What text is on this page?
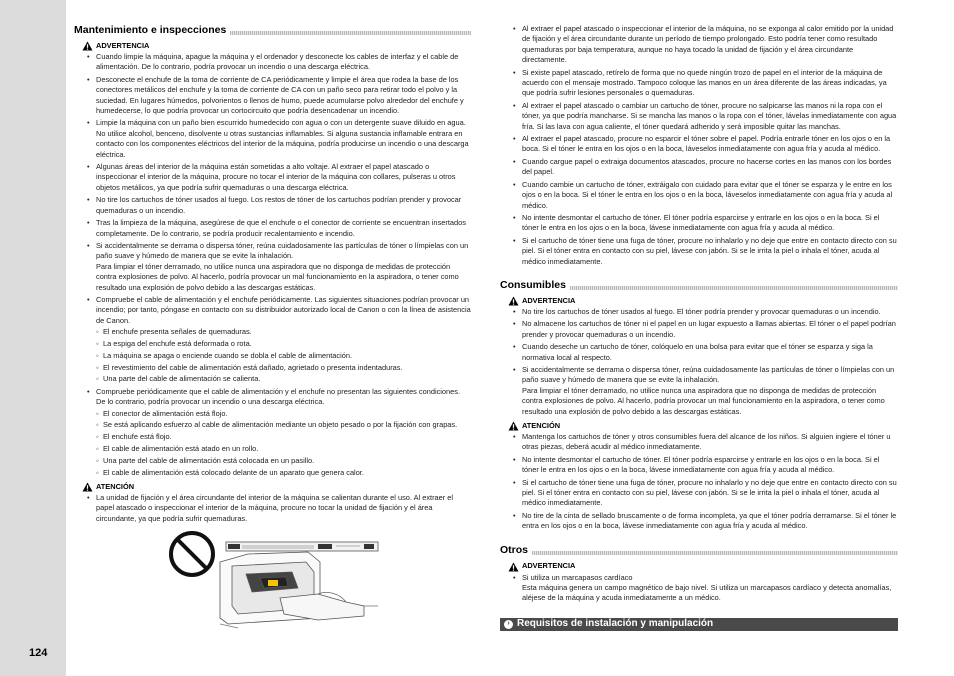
124
Mantenimiento e inspecciones
ADVERTENCIA
• Cuando limpie la máquina, apague la máquina y el ordenador y desconecte los cables de interfaz y el cable de alimentación. De lo contrario, podría provocar un incendio o una descarga eléctrica.
• Desconecte el enchufe de la toma de corriente de CA periódicamente y limpie el área que rodea la base de los conectores metálicos del enchufe y la toma de corriente de CA con un paño seco para retirar todo el polvo y la suciedad. En lugares húmedos, polvorientos o llenos de humo, puede acumularse polvo alrededor del enchufe y humedecerse, lo que podría provocar un cortocircuito que podría desencadenar un incendio.
• Limpie la máquina con un paño bien escurrido humedecido con agua o con un detergente suave diluido en agua. No utilice alcohol, benceno, disolvente u otras sustancias inflamables. Si alguna sustancia inflamable entrara en contacto con los componentes eléctricos del interior de la máquina, podría producirse un incendio o una descarga eléctrica.
• Algunas áreas del interior de la máquina están sometidas a alto voltaje. Al extraer el papel atascado o inspeccionar el interior de la máquina, procure no tocar el interior de la máquina con collares, pulseras u otros objetos metálicos, ya que podría sufrir quemaduras o una descarga eléctrica.
• No tire los cartuchos de tóner usados al fuego. Los restos de tóner de los cartuchos podrían prender y provocar quemaduras o un incendio.
• Tras la limpieza de la máquina, asegúrese de que el enchufe o el conector de corriente se encuentran insertados completamente. De lo contrario, se podría producir recalentamiento e incendio.
• Si accidentalmente se derrama o dispersa tóner, reúna cuidadosamente las partículas de tóner o límpielas con un paño suave y húmedo de manera que se evite la inhalación.
Para limpiar el tóner derramado, no utilice nunca una aspiradora que no disponga de medidas de protección contra explosiones de polvo. Al hacerlo, podría provocar un mal funcionamiento en la aspiradora, o tener como resultado una explosión de polvo debido a las descargas estáticas.
• Compruebe el cable de alimentación y el enchufe periódicamente. Las siguientes situaciones podrían provocar un incendio; por tanto, póngase en contacto con su distribuidor autorizado local de Canon o con la línea de asistencia de Canon.
◦ El enchufe presenta señales de quemaduras.
◦ La espiga del enchufe está deformada o rota.
◦ La máquina se apaga o enciende cuando se dobla el cable de alimentación.
◦ El revestimiento del cable de alimentación está dañado, agrietado o presenta indentaduras.
◦ Una parte del cable de alimentación se calienta.
• Compruebe periódicamente que el cable de alimentación y el enchufe no presentan las siguientes condiciones. De lo contrario, podría provocar un incendio o una descarga eléctrica.
◦ El conector de alimentación está flojo.
◦ Se está aplicando esfuerzo al cable de alimentación mediante un objeto pesado o por la fijación con grapas.
◦ El enchufe está flojo.
◦ El cable de alimentación está atado en un rollo.
◦ Una parte del cable de alimentación está colocada en un pasillo.
◦ El cable de alimentación está colocado delante de un aparato que genera calor.
ATENCIÓN
• La unidad de fijación y el área circundante del interior de la máquina se calientan durante el uso. Al extraer el papel atascado o inspeccionar el interior de la máquina, procure no tocar la unidad de fijación y el área circundante, ya que podría sufrir quemaduras.
• Al extraer el papel atascado o inspeccionar el interior de la máquina, no se exponga al calor emitido por la unidad de fijación y el área circundante durante un período de tiempo prolongado. Esto podría tener como resultado quemaduras por baja temperatura, aunque no haya tocado la unidad de fijación y el área circundante directamente.
• Si existe papel atascado, retírelo de forma que no quede ningún trozo de papel en el interior de la máquina de acuerdo con el mensaje mostrado. Tampoco coloque las manos en un área diferente de las áreas indicadas, ya que podría sufrir lesiones personales o quemaduras.
• Al extraer el papel atascado o cambiar un cartucho de tóner, procure no salpicarse las manos ni la ropa con el tóner, ya que podría mancharse. Si se mancha las manos o la ropa con el tóner, lávelas inmediatamente con agua fría. Si las lava con agua caliente, el tóner quedará adherido y será imposible quitar las manchas.
• Al extraer el papel atascado, procure no esparcir el tóner sobre el papel. Podría entrarle tóner en los ojos o en la boca. Si el tóner le entra en los ojos o en la boca, láveselos inmediatamente con agua fría y acuda al médico.
• Cuando cargue papel o extraiga documentos atascados, procure no hacerse cortes en las manos con los bordes del papel.
• Cuando cambie un cartucho de tóner, extráigalo con cuidado para evitar que el tóner se esparza y le entre en los ojos o en la boca. Si el tóner le entra en los ojos o en la boca, láveselos inmediatamente con agua fría y acuda al médico.
• No intente desmontar el cartucho de tóner. El tóner podría esparcirse y entrarle en los ojos o en la boca. Si el tóner le entra en los ojos o en la boca, lávese inmediatamente con agua fría y acuda al médico.
• Si el cartucho de tóner tiene una fuga de tóner, procure no inhalarlo y no deje que entre en contacto directo con su piel. Si el tóner entra en contacto con su piel, lávese con jabón. Si se le irrita la piel o inhala el tóner, acuda al médico inmediatamente.
Consumibles
ADVERTENCIA
• No tire los cartuchos de tóner usados al fuego. El tóner podría prender y provocar quemaduras o un incendio.
• No almacene los cartuchos de tóner ni el papel en un lugar expuesto a llamas abiertas. El tóner o el papel podrían prender y provocar quemaduras o un incendio.
• Cuando deseche un cartucho de tóner, colóquelo en una bolsa para evitar que el tóner se esparza y siga la normativa local al respecto.
• Si accidentalmente se derrama o dispersa tóner, reúna cuidadosamente las partículas de tóner o límpielas con un paño suave y húmedo de manera que se evite la inhalación.
Para limpiar el tóner derramado, no utilice nunca una aspiradora que no disponga de medidas de protección contra explosiones de polvo. Al hacerlo, podría provocar un mal funcionamiento en la aspiradora, o tener como resultado una explosión de polvo debido a las descargas estáticas.
ATENCIÓN
• Mantenga los cartuchos de tóner y otros consumibles fuera del alcance de los niños. Si alguien ingiere el tóner u otras piezas, deberá acudir al médico inmediatamente.
• No intente desmontar el cartucho de tóner. El tóner podría esparcirse y entrarle en los ojos o en la boca. Si el tóner le entra en los ojos o en la boca, lávese inmediatamente con agua fría y acuda al médico.
• Si el cartucho de tóner tiene una fuga de tóner, procure no inhalarlo y no deje que entre en contacto directo con su piel. Si el tóner entra en contacto con su piel, lávese con jabón. Si se le irrita la piel o inhala el tóner, acuda al médico inmediatamente.
• No tire de la cinta de sellado bruscamente o de forma incompleta, ya que el tóner podría derramarse. Si el tóner le entra en los ojos o en la boca, lávese inmediatamente con agua fría y acuda al médico.
Otros
ADVERTENCIA
• Si utiliza un marcapasos cardíaco
Esta máquina genera un campo magnético de bajo nivel. Si utiliza un marcapasos cardíaco y detecta anomalías, aléjese de la máquina y acuda inmediatamente a un médico.
› Requisitos de instalación y manipulación
